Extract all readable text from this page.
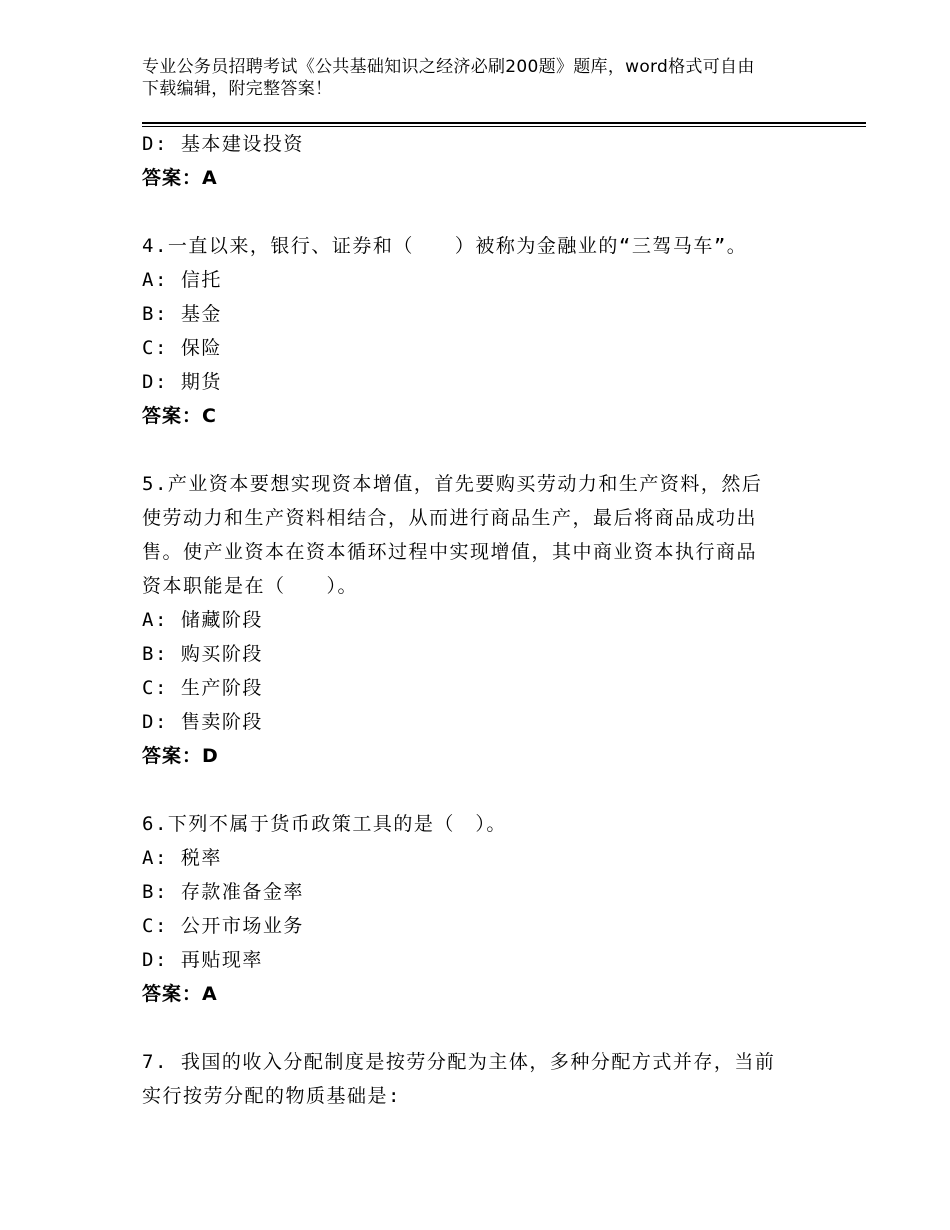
专业公务员招聘考试《公共基础知识之经济必刷200题》题库，word格式可自由
下载编辑，附完整答案！
D: 基本建设投资
答案：A
4.一直以来，银行、证券和（　　）被称为金融业的“三驾马车”。
A: 信托
B: 基金
C: 保险
D: 期货
答案：C
5.产业资本要想实现资本增值，首先要购买劳动力和生产资料，然后
使劳动力和生产资料相结合，从而进行商品生产，最后将商品成功出
售。使产业资本在资本循环过程中实现增值，其中商业资本执行商品
资本职能是在（　　）。
A: 储藏阶段
B: 购买阶段
C: 生产阶段
D: 售卖阶段
答案：D
6.下列不属于货币政策工具的是（　）。
A: 税率
B: 存款准备金率
C: 公开市场业务
D: 再贴现率
答案：A
7. 我国的收入分配制度是按劳分配为主体，多种分配方式并存，当前
实行按劳分配的物质基础是:
